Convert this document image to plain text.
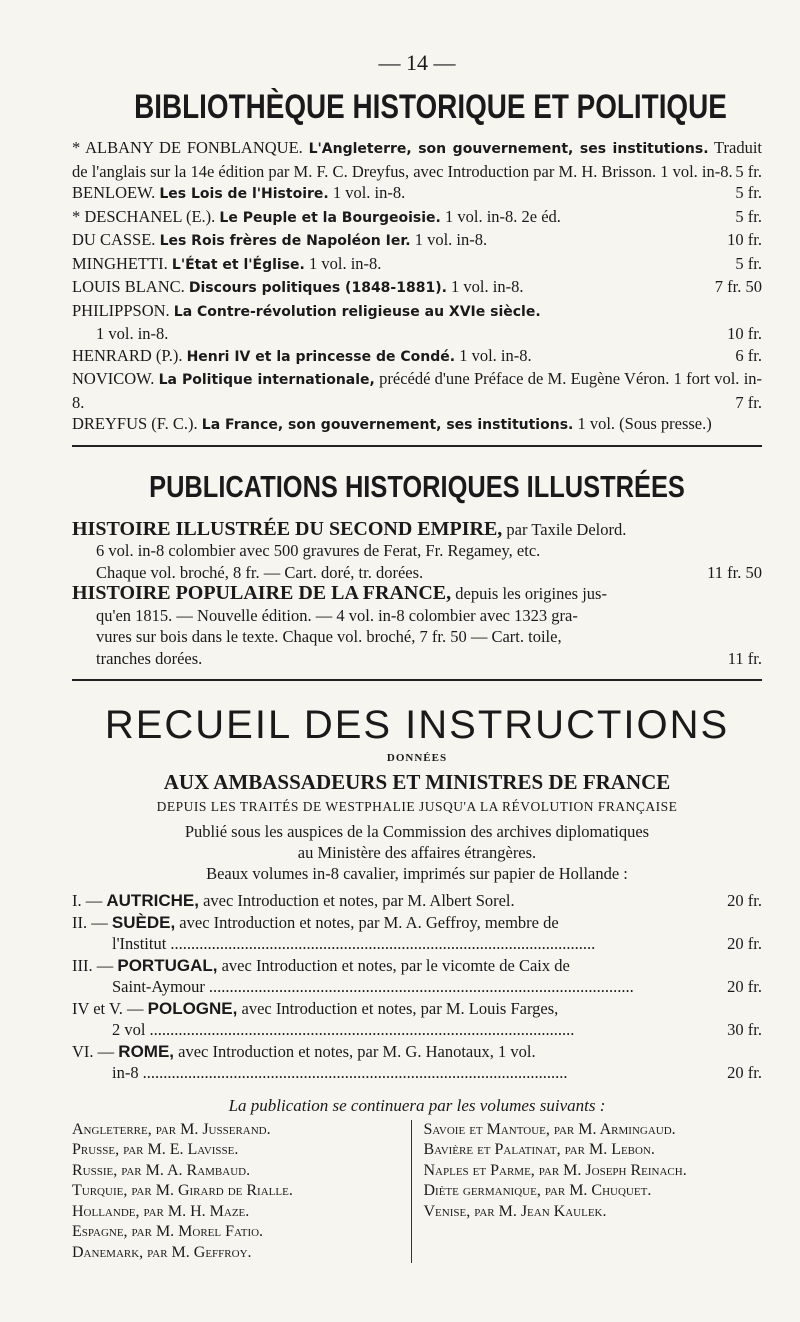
— 14 —
BIBLIOTHÈQUE HISTORIQUE ET POLITIQUE

* ALBANY DE FONBLANQUE. L'Angleterre, son gouvernement, ses institutions. Traduit de l'anglais sur la 14e édition par M. F. C. Dreyfus, avec Introduction par M. H. Brisson. 1 vol. in-8. 5 fr.

BENLOEW. Les Lois de l'Histoire. 1 vol. in-8.	5 fr.

* DESCHANEL (E.). Le Peuple et la Bourgeoisie. 1 vol. in-8. 2e éd.	5 fr.

DU CASSE. Les Rois frères de Napoléon Ier. 1 vol. in-8.	10 fr.

MINGHETTI. L'État et l'Église. 1 vol. in-8.	5 fr.

LOUIS BLANC. Discours politiques (1848-1881). 1 vol. in-8.	7 fr. 50

PHILIPPSON. La Contre-révolution religieuse au XVIe siècle.

1 vol. in-8.	10 fr.

HENRARD (P.). Henri IV et la princesse de Condé. 1 vol. in-8.	6 fr.

NOVICOW. La Politique internationale, précédé d'une Préface de M. Eugène Véron. 1 fort vol. in-8.	7 fr.

DREYFUS (F. C.). La France, son gouvernement, ses institutions. 1 vol. (Sous presse.)

PUBLICATIONS HISTORIQUES ILLUSTRÉES

HISTOIRE ILLUSTRÉE DU SECOND EMPIRE, par Taxile Delord.

6 vol. in-8 colombier avec 500 gravures de Ferat, Fr. Regamey, etc.

Chaque vol. broché, 8 fr. — Cart. doré, tr. dorées.	11 fr. 50

HISTOIRE POPULAIRE DE LA FRANCE, depuis les origines jus-

qu'en 1815. — Nouvelle édition. — 4 vol. in-8 colombier avec 1323 gra-

vures sur bois dans le texte. Chaque vol. broché, 7 fr. 50 — Cart. toile,

tranches dorées.	11 fr.

RECUEIL DES INSTRUCTIONS
DONNÉES
AUX AMBASSADEURS ET MINISTRES DE FRANCE
DEPUIS LES TRAITÉS DE WESTPHALIE JUSQU'A LA RÉVOLUTION FRANÇAISE
Publié sous les auspices de la Commission des archives diplomatiques
au Ministère des affaires étrangères.
Beaux volumes in-8 cavalier, imprimés sur papier de Hollande :
I. — AUTRICHE, avec Introduction et notes, par M. Albert Sorel.	20 fr.
II. — SUÈDE, avec Introduction et notes, par M. A. Geffroy, membre de
l'Institut .......................................................................................................	20 fr.
III. — PORTUGAL, avec Introduction et notes, par le vicomte de Caix de
Saint-Aymour .......................................................................................................	20 fr.
IV et V. — POLOGNE, avec Introduction et notes, par M. Louis Farges,
2 vol .......................................................................................................	30 fr.
VI. — ROME, avec Introduction et notes, par M. G. Hanotaux, 1 vol.
in-8 .......................................................................................................	20 fr.
La publication se continuera par les volumes suivants :
Angleterre, par M. Jusserand.
Prusse, par M. E. Lavisse.
Russie, par M. A. Rambaud.
Turquie, par M. Girard de Rialle.
Hollande, par M. H. Maze.
Espagne, par M. Morel Fatio.
Danemark, par M. Geffroy.
Savoie et Mantoue, par M. Armingaud.
Bavière et Palatinat, par M. Lebon.
Naples et Parme, par M. Joseph Reinach.
Diète germanique, par M. Chuquet.
Venise, par M. Jean Kaulek.
